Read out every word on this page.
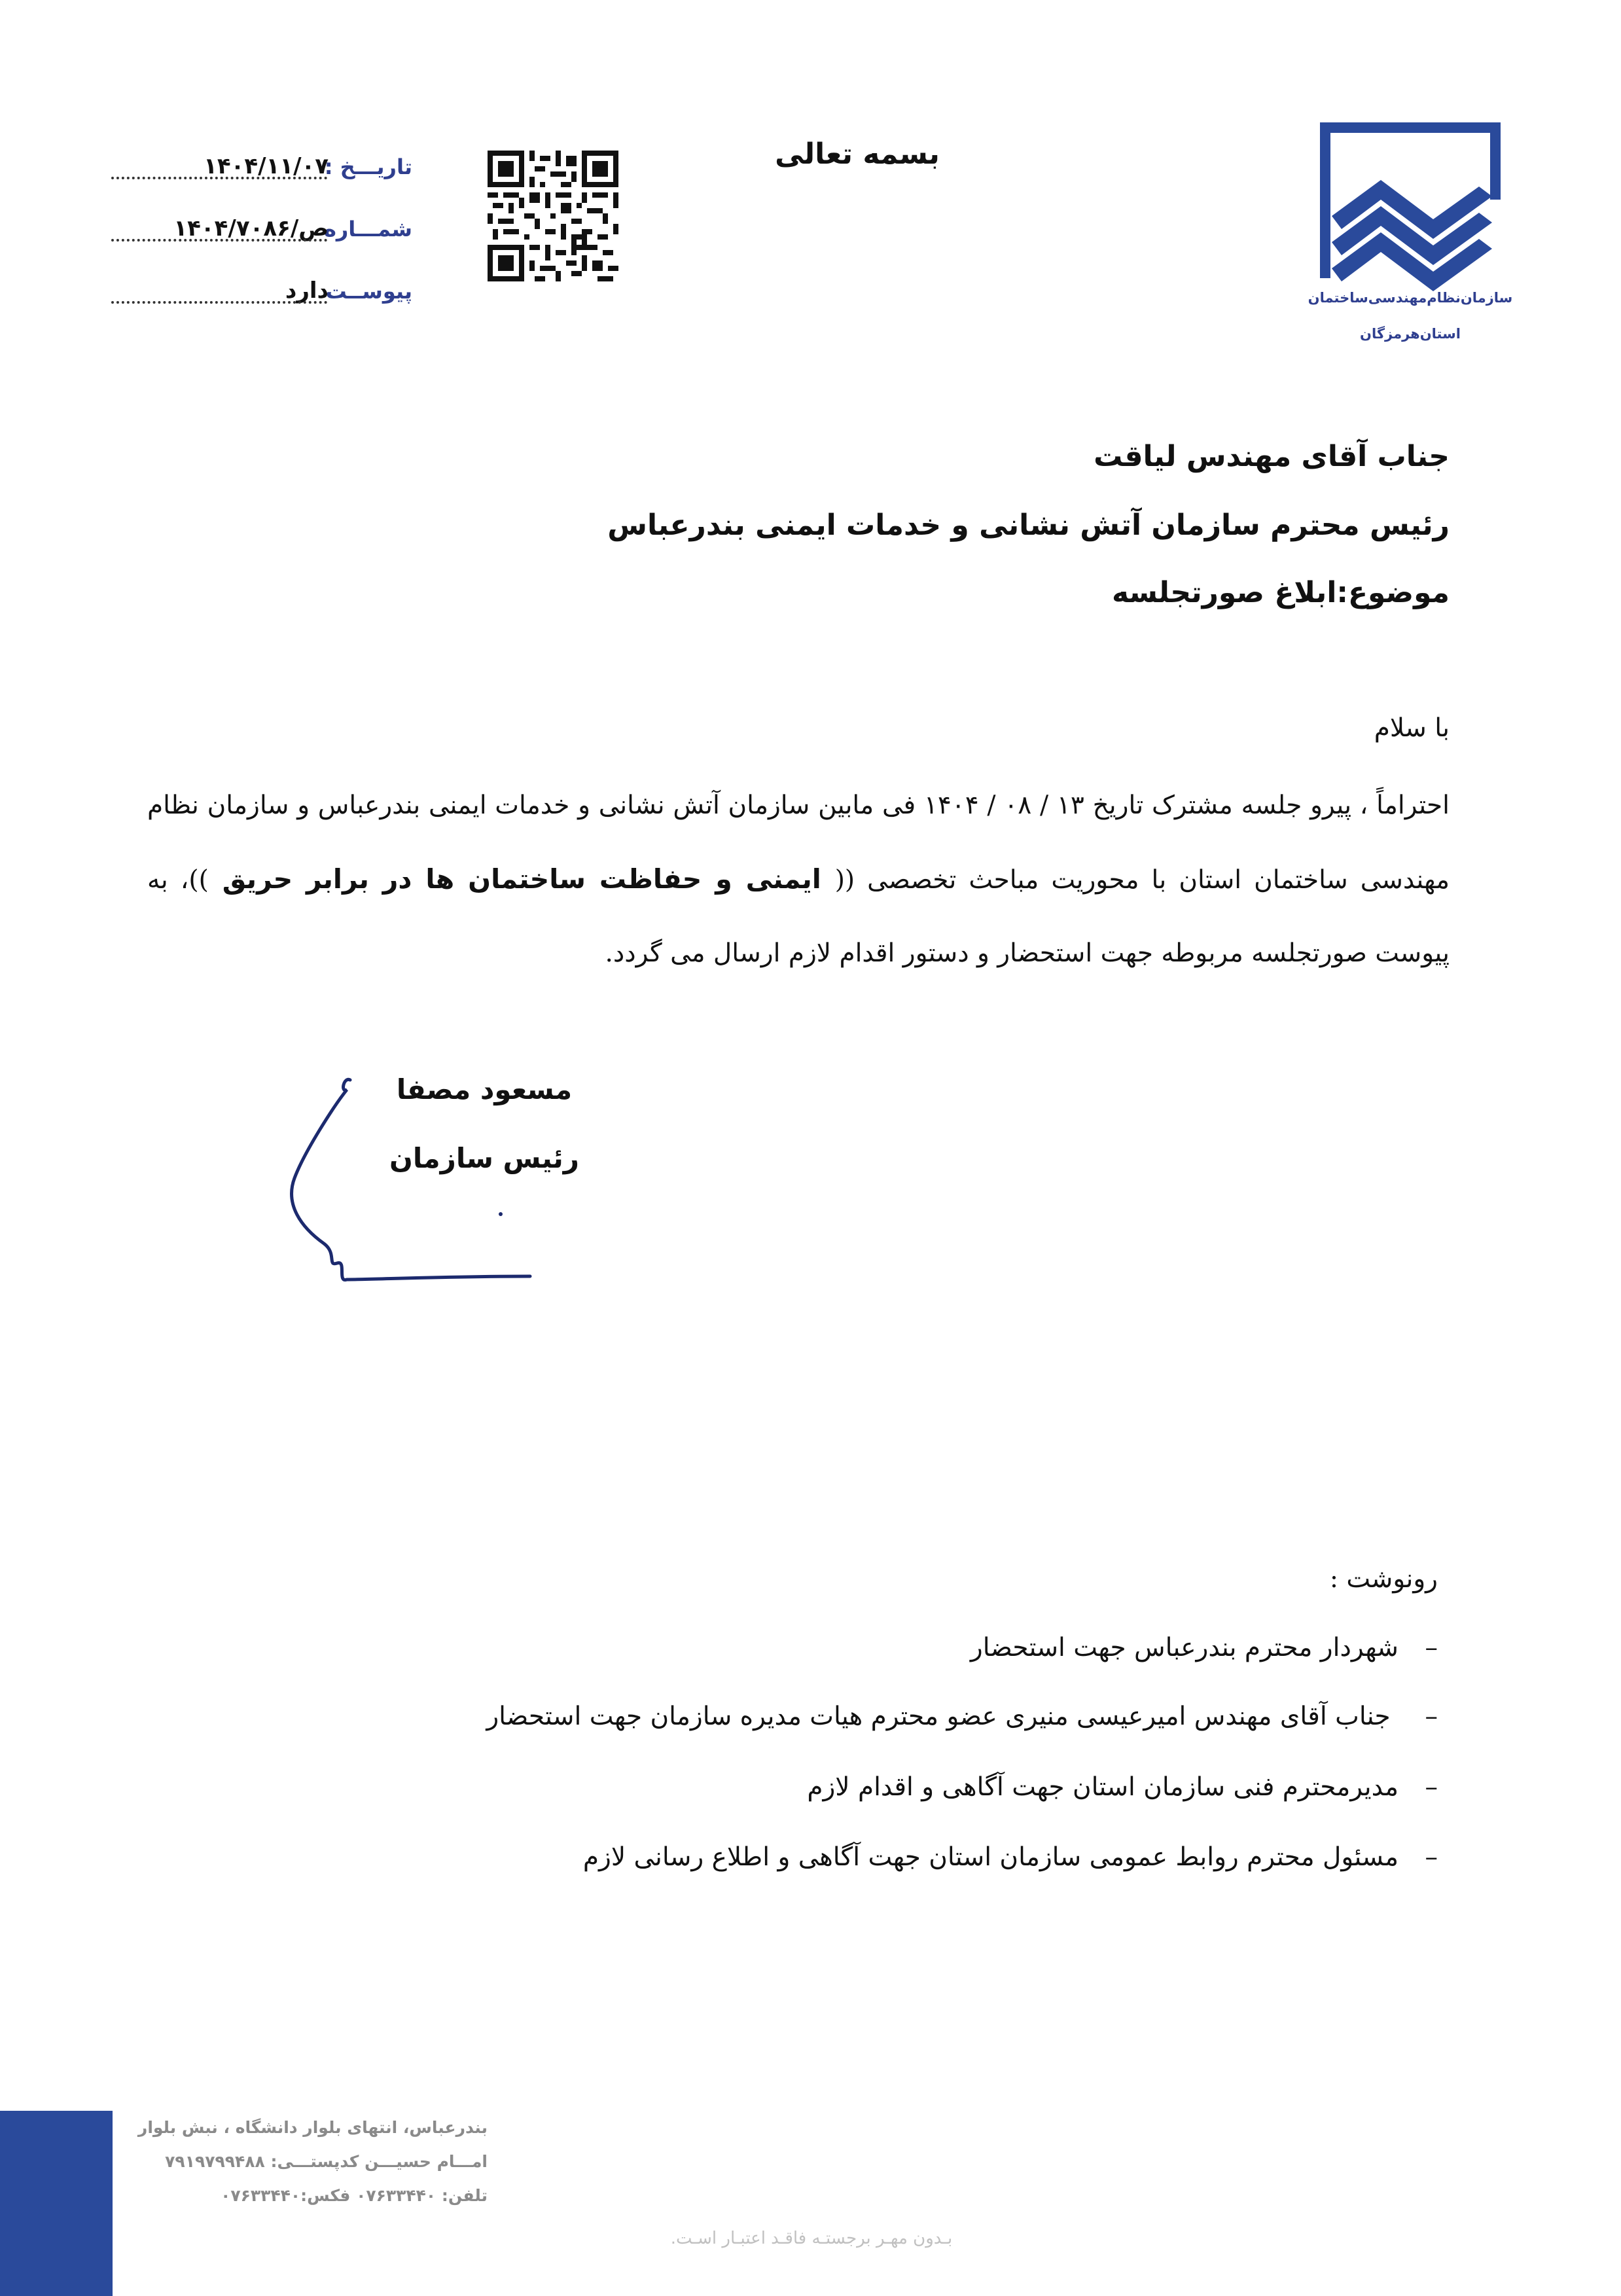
تاریـــخ :
۱۴۰۴/۱۱/۰۷
شمـــاره
ص/۱۴۰۴/۷۰۸۶
پیوســت
دارد
بسمه تعالی
سازمان‌نظام‌مهندسی‌ساختمان
استان‌هرمزگان
جناب آقای مهندس لیاقت
رئیس محترم سازمان آتش نشانی و خدمات ایمنی بندرعباس
موضوع:ابلاغ صورتجلسه
با سلام
احتراماً ، پیرو جلسه مشترک تاریخ ۱۳ / ۰۸ / ۱۴۰۴ فی مابین سازمان آتش نشانی و خدمات ایمنی بندرعباس و سازمان نظام مهندسی ساختمان استان با محوریت مباحث تخصصی (( ایمنی و حفاظت ساختمان ها در برابر حریق ))، به پیوست صورتجلسه مربوطه جهت استحضار و دستور اقدام لازم ارسال می گردد.
مسعود مصفا
رئیس سازمان
رونوشت :
–شهردار محترم بندرعباس جهت استحضار
– جناب آقای مهندس امیرعیسی منیری عضو محترم هیات مدیره سازمان جهت استحضار
–مدیرمحترم فنی سازمان استان جهت آگاهی و اقدام لازم
–مسئول محترم روابط عمومی سازمان استان جهت آگاهی و اطلاع رسانی لازم
بندرعباس، انتهای بلوار دانشگاه ، نبش بلوار
امـــام حسیـــن کدپستـــی: ۷۹۱۹۷۹۹۴۸۸
تلفن: ۰۷۶۳۳۴۴۰ فکس:۰۷۶۳۳۴۴۰
بـدون مهـر برجستـه فاقـد اعتبـار اسـت.
